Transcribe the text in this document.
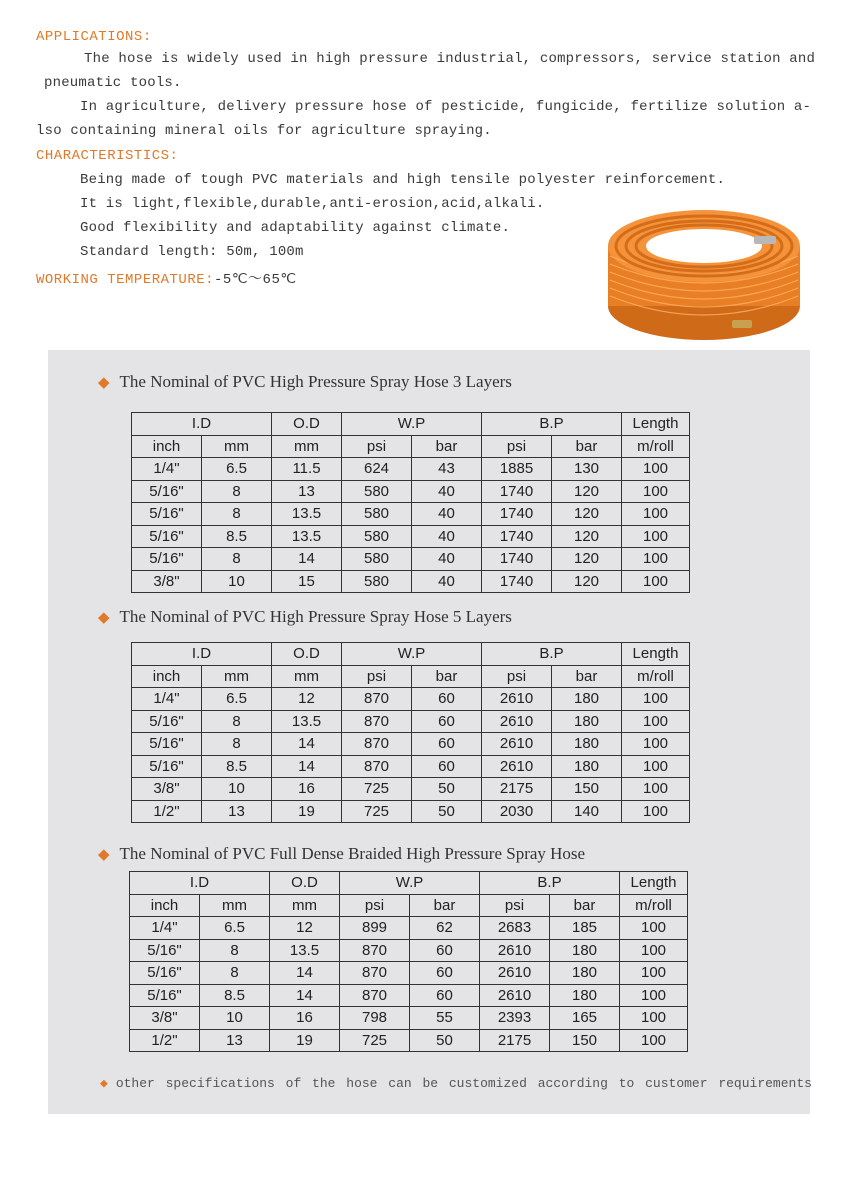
APPLICATIONS:
The hose is widely used in high pressure industrial, compressors, service station and
pneumatic tools.
In agriculture, delivery pressure hose of pesticide, fungicide, fertilize solution a-
lso containing mineral oils for agriculture spraying.
CHARACTERISTICS:
Being made of tough PVC materials and high tensile polyester reinforcement.
It is light,flexible,durable,anti-erosion,acid,alkali.
Good flexibility and adaptability against climate.
Standard length: 50m, 100m
WORKING TEMPERATURE:-5℃～65℃
◆ The Nominal of PVC High Pressure Spray Hose 3 Layers
I.D		O.D	W.P		B.P		Length
inch	mm	mm	psi	bar	psi	bar	m/roll
1/4"	6.5	11.5	624	43	1885	130	100
5/16"	8	13	580	40	1740	120	100
5/16"	8	13.5	580	40	1740	120	100
5/16"	8.5	13.5	580	40	1740	120	100
5/16"	8	14	580	40	1740	120	100
3/8"	10	15	580	40	1740	120	100
◆ The Nominal of PVC High Pressure Spray Hose 5 Layers
I.D		O.D	W.P		B.P		Length
inch	mm	mm	psi	bar	psi	bar	m/roll
1/4"	6.5	12	870	60	2610	180	100
5/16"	8	13.5	870	60	2610	180	100
5/16"	8	14	870	60	2610	180	100
5/16"	8.5	14	870	60	2610	180	100
3/8"	10	16	725	50	2175	150	100
1/2"	13	19	725	50	2030	140	100
◆ The Nominal of PVC Full Dense Braided High Pressure Spray Hose
I.D		O.D	W.P		B.P		Length
inch	mm	mm	psi	bar	psi	bar	m/roll
1/4"	6.5	12	899	62	2683	185	100
5/16"	8	13.5	870	60	2610	180	100
5/16"	8	14	870	60	2610	180	100
5/16"	8.5	14	870	60	2610	180	100
3/8"	10	16	798	55	2393	165	100
1/2"	13	19	725	50	2175	150	100
◆ other specifications of the hose can be customized according to customer requirements
